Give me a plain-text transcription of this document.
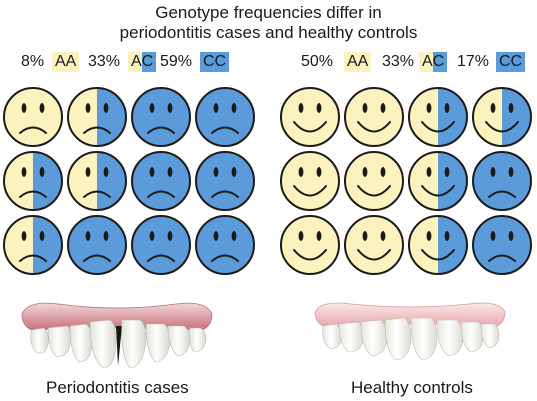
Genotype frequencies differ in
periodontitis cases and healthy controls
8% AA 33% AC 59% CC	50% AA 33% AC 17% CC
Periodontitis cases	Healthy controls
